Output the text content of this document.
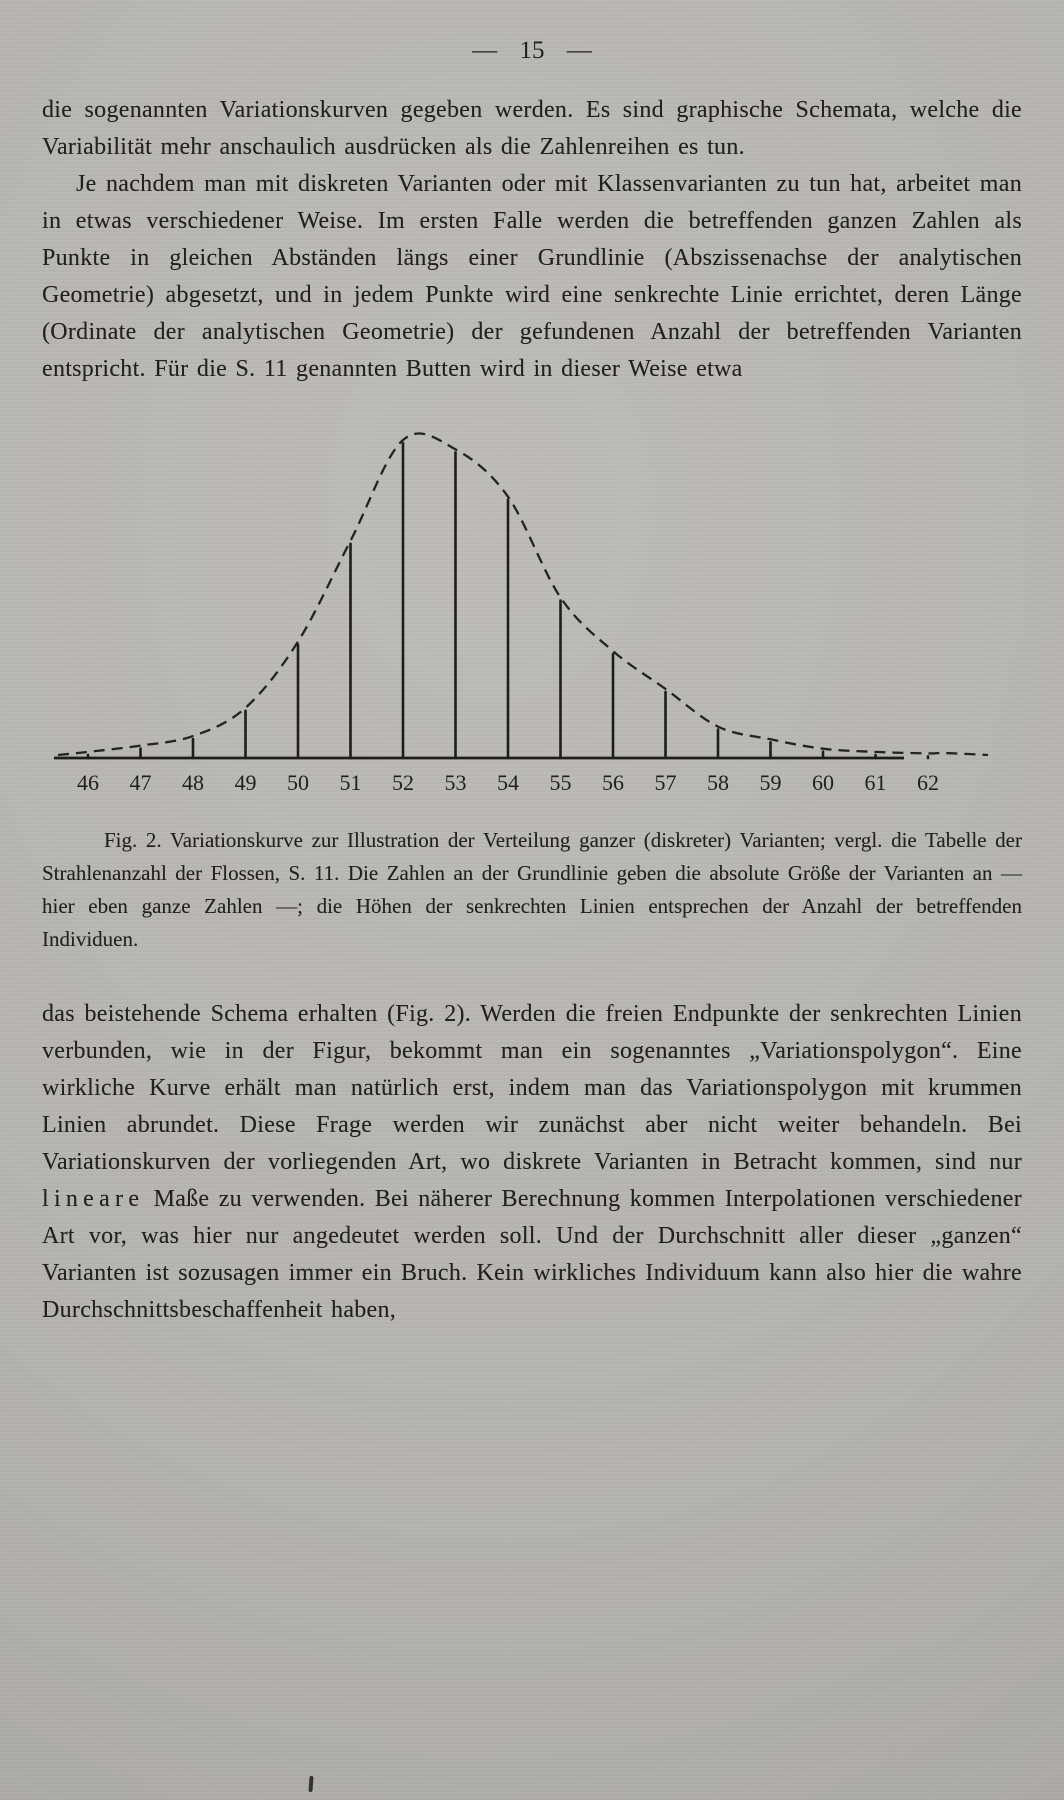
— 15 —

die sogenannten Variationskurven gegeben werden. Es sind graphische Schemata, welche die Variabilität mehr anschaulich ausdrücken als die Zahlenreihen es tun.

Je nachdem man mit diskreten Varianten oder mit Klassenvarianten zu tun hat, arbeitet man in etwas verschiedener Weise. Im ersten Falle werden die betreffenden ganzen Zahlen als Punkte in gleichen Abständen längs einer Grundlinie (Abszissenachse der analytischen Geometrie) abgesetzt, und in jedem Punkte wird eine senkrechte Linie errichtet, deren Länge (Ordinate der analytischen Geometrie) der gefundenen Anzahl der betreffenden Varianten entspricht. Für die S. 11 genannten Butten wird in dieser Weise etwa

46 47 48 49 50 51 52 53 54 55 56 57 58 59 60 61 62
Fig. 2. Variationskurve zur Illustration der Verteilung ganzer (diskreter) Varianten; vergl. die Tabelle der Strahlenanzahl der Flossen, S. 11. Die Zahlen an der Grundlinie geben die absolute Größe der Varianten an — hier eben ganze Zahlen —; die Höhen der senkrechten Linien entsprechen der Anzahl der betreffenden Individuen.

das beistehende Schema erhalten (Fig. 2). Werden die freien Endpunkte der senkrechten Linien verbunden, wie in der Figur, bekommt man ein sogenanntes „Variationspolygon“. Eine wirkliche Kurve erhält man natürlich erst, indem man das Variationspolygon mit krummen Linien abrundet. Diese Frage werden wir zunächst aber nicht weiter behandeln. Bei Variationskurven der vorliegenden Art, wo diskrete Varianten in Betracht kommen, sind nur lineare Maße zu verwenden. Bei näherer Berechnung kommen Interpolationen verschiedener Art vor, was hier nur angedeutet werden soll. Und der Durchschnitt aller dieser „ganzen“ Varianten ist sozusagen immer ein Bruch. Kein wirkliches Individuum kann also hier die wahre Durchschnittsbeschaffenheit haben,
